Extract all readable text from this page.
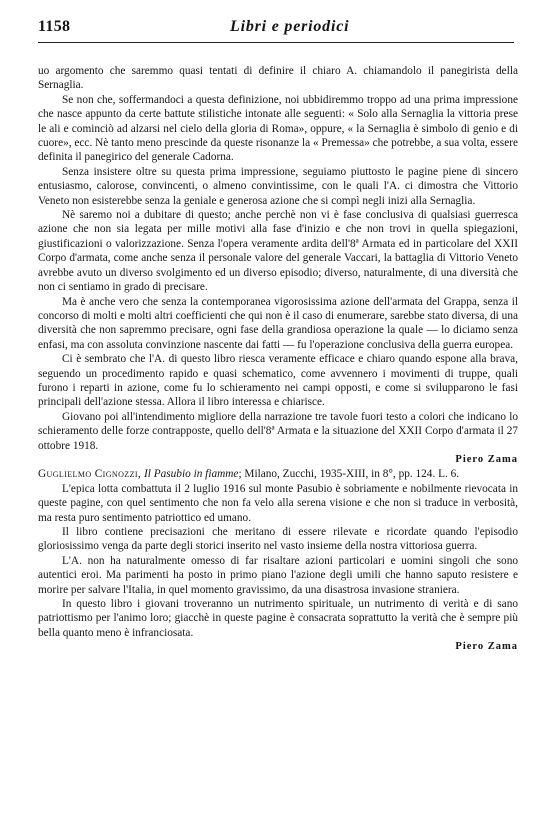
1158	Libri e periodici

uo argomento che saremmo quasi tentati di definire il chiaro A. chiamandolo il panegirista della Sernaglia.

Se non che, soffermandoci a questa definizione, noi ubbidiremmo troppo ad una prima impressione che nasce appunto da certe battute stilistiche intonate alle seguenti: « Solo alla Sernaglia la vittoria prese le ali e cominciò ad alzarsi nel cielo della gloria di Roma», oppure, « la Sernaglia è simbolo di genio e di cuore», ecc. Nè tanto meno prescinde da queste risonanze la « Premessa» che potrebbe, a sua volta, essere definita il panegirico del generale Cadorna.

Senza insistere oltre su questa prima impressione, seguiamo piuttosto le pagine piene di sincero entusiasmo, calorose, convincenti, o almeno convintissime, con le quali l'A. ci dimostra che Vittorio Veneto non esisterebbe senza la geniale e generosa azione che si compì negli inizi alla Sernaglia.

Nè saremo noi a dubitare di questo; anche perchè non vi è fase conclusiva di qualsiasi guerresca azione che non sia legata per mille motivi alla fase d'inizio e che non trovi in quella spiegazioni, giustificazioni o valorizzazione. Senza l'opera veramente ardita dell'8ª Armata ed in particolare del XXII Corpo d'armata, come anche senza il personale valore del generale Vaccari, la battaglia di Vittorio Veneto avrebbe avuto un diverso svolgimento ed un diverso episodio; diverso, naturalmente, di una diversità che non ci sentiamo in grado di precisare.

Ma è anche vero che senza la contemporanea vigorosissima azione dell'armata del Grappa, senza il concorso di molti e molti altri coefficienti che qui non è il caso di enumerare, sarebbe stato diversa, di una diversità che non sapremmo precisare, ogni fase della grandiosa operazione la quale — lo diciamo senza enfasi, ma con assoluta convinzione nascente dai fatti — fu l'operazione conclusiva della guerra europea.

Ci è sembrato che l'A. di questo libro riesca veramente efficace e chiaro quando espone alla brava, seguendo un procedimento rapido e quasi schematico, come avvennero i movimenti di truppe, quali furono i reparti in azione, come fu lo schieramento nei campi opposti, e come si svilupparono le fasi principali dell'azione stessa. Allora il libro interessa e chiarisce.

Giovano poi all'intendimento migliore della narrazione tre tavole fuori testo a colori che indicano lo schieramento delle forze contrapposte, quello dell'8ª Armata e la situazione del XXII Corpo d'armata il 27 ottobre 1918.

Piero Zama

Guglielmo Cignozzi, Il Pasubio in fiamme; Milano, Zucchi, 1935-XIII, in 8°, pp. 124. L. 6.

L'epica lotta combattuta il 2 luglio 1916 sul monte Pasubio è sobriamente e nobilmente rievocata in queste pagine, con quel sentimento che non fa velo alla serena visione e che non si traduce in verbosità, ma resta puro sentimento patriottico ed umano.

Il libro contiene precisazioni che meritano di essere rilevate e ricordate quando l'episodio gloriosissimo venga da parte degli storici inserito nel vasto insieme della nostra vittoriosa guerra.

L'A. non ha naturalmente omesso di far risaltare azioni particolari e uomini singoli che sono autentici eroi. Ma parimenti ha posto in primo piano l'azione degli umili che hanno saputo resistere e morire per salvare l'Italia, in quel momento gravissimo, da una disastrosa invasione straniera.

In questo libro i giovani troveranno un nutrimento spirituale, un nutrimento di verità e di sano patriottismo per l'animo loro; giacchè in queste pagine è consacrata soprattutto la verità che è sempre più bella quanto meno è infranciosata.

Piero Zama
